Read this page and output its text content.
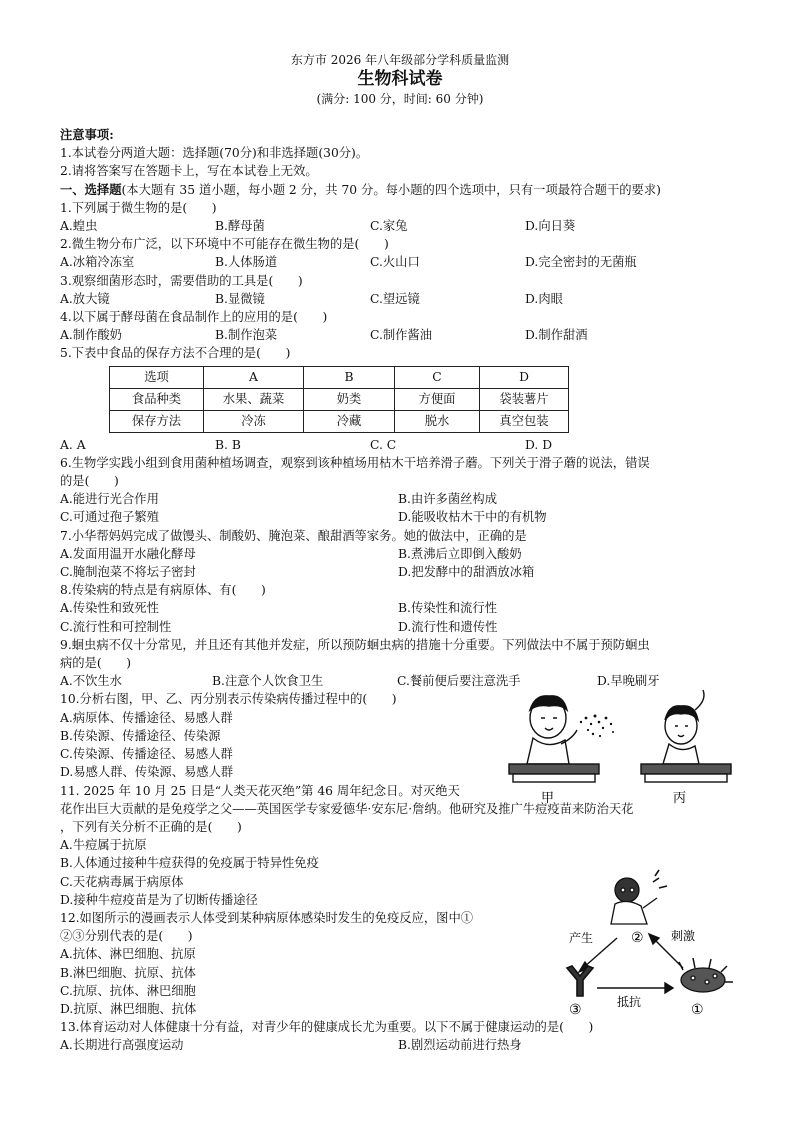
东方市 2026 年八年级部分学科质量监测
生物科试卷
(满分: 100 分，时间: 60 分钟)
注意事项:
1.本试卷分两道大题：选择题(70分)和非选择题(30分)。
2.请将答案写在答题卡上，写在本试卷上无效。
一、选择题(本大题有 35 道小题，每小题 2 分，共 70 分。每小题的四个选项中，只有一项最符合题干的要求)
1.下列属于微生物的是(　　)
A.蝗虫	B.酵母菌	C.家兔	D.向日葵
2.微生物分布广泛，以下环境中不可能存在微生物的是(　　)
A.冰箱冷冻室	B.人体肠道	C.火山口	D.完全密封的无菌瓶
3.观察细菌形态时，需要借助的工具是(　　)
A.放大镜	B.显微镜	C.望远镜	D.肉眼
4.以下属于酵母菌在食品制作上的应用的是(　　)
A.制作酸奶	B.制作泡菜	C.制作酱油	D.制作甜酒
5.下表中食品的保存方法不合理的是(　　)
选项	A	B	C	D
食品种类	水果、蔬菜	奶类	方便面	袋装薯片
保存方法	冷冻	冷藏	脱水	真空包装
A. A	B. B	C. C	D. D
6.生物学实践小组到食用菌种植场调查，观察到该种植场用枯木干培养滑子蘑。下列关于滑子蘑的说法，错误
的是(　　)
A.能进行光合作用	B.由许多菌丝构成
C.可通过孢子繁殖	D.能吸收枯木干中的有机物
7.小华帮妈妈完成了做馒头、制酸奶、腌泡菜、酿甜酒等家务。她的做法中，正确的是
A.发面用温开水融化酵母	B.煮沸后立即倒入酸奶
C.腌制泡菜不将坛子密封	D.把发酵中的甜酒放冰箱
8.传染病的特点是有病原体、有(　　)
A.传染性和致死性	B.传染性和流行性
C.流行性和可控制性	D.流行性和遗传性
9.蛔虫病不仅十分常见，并且还有其他并发症，所以预防蛔虫病的措施十分重要。下列做法中不属于预防蛔虫
病的是(　　)
A.不饮生水	B.注意个人饮食卫生	C.餐前便后要注意洗手	D.早晚刷牙
10.分析右图，甲、乙、丙分别表示传染病传播过程中的(　　)
A.病原体、传播途径、易感人群
B.传染源、传播途径、传染源
C.传染源、传播途径、易感人群
D.易感人群、传染源、易感人群
11. 2025 年 10 月 25 日是“人类天花灭绝”第 46 周年纪念日。对灭绝天
花作出巨大贡献的是免疫学之父——英国医学专家爱德华·安东尼·詹纳。他研究及推广牛痘疫苗来防治天花
，下列有关分析不正确的是(　　)
A.牛痘属于抗原
B.人体通过接种牛痘获得的免疫属于特异性免疫
C.天花病毒属于病原体
D.接种牛痘疫苗是为了切断传播途径
12.如图所示的漫画表示人体受到某种病原体感染时发生的免疫反应，图中①
②③分别代表的是(　　)
A.抗体、淋巴细胞、抗原
B.淋巴细胞、抗原、抗体
C.抗原、抗体、淋巴细胞
D.抗原、淋巴细胞、抗体
13.体育运动对人体健康十分有益，对青少年的健康成长尤为重要。以下不属于健康运动的是(　　)
A.长期进行高强度运动	B.剧烈运动前进行热身
甲	丙
②
产生	刺激
抵抗
③	①
